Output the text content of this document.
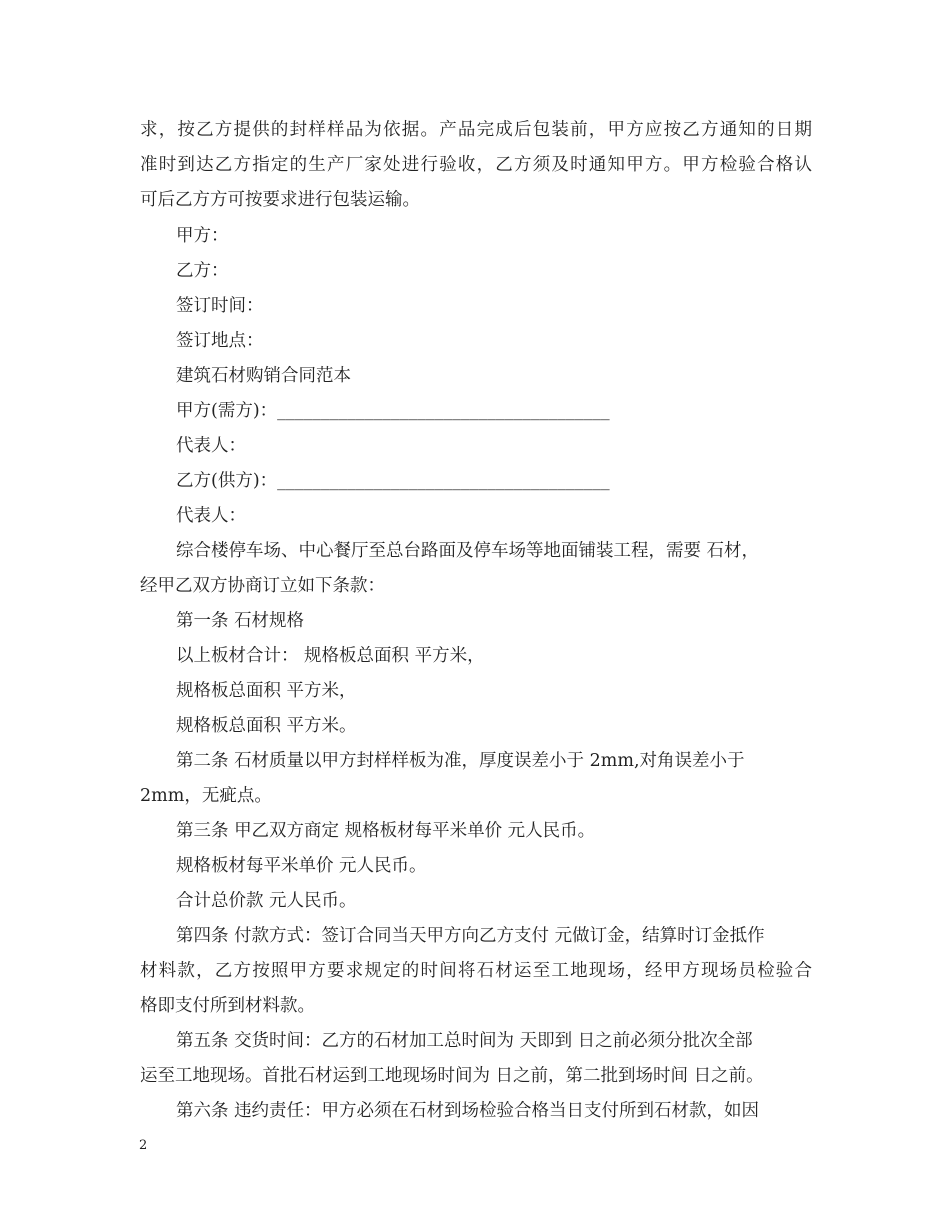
求，按乙方提供的封样样品为依据。产品完成后包装前，甲方应按乙方通知的日期
准时到达乙方指定的生产厂家处进行验收，乙方须及时通知甲方。甲方检验合格认
可后乙方方可按要求进行包装运输。
甲方：
乙方：
签订时间：
签订地点：
建筑石材购销合同范本
甲方(需方)：______________________________________
代表人：
乙方(供方)：______________________________________
代表人：
综合楼停车场、中心餐厅至总台路面及停车场等地面铺装工程，需要 石材，
经甲乙双方协商订立如下条款：
第一条 石材规格
以上板材合计： 规格板总面积 平方米，
规格板总面积 平方米，
规格板总面积 平方米。
第二条 石材质量以甲方封样样板为准，厚度误差小于 2mm,对角误差小于
2mm，无疵点。
第三条 甲乙双方商定 规格板材每平米单价 元人民币。
规格板材每平米单价 元人民币。
合计总价款 元人民币。
第四条 付款方式：签订合同当天甲方向乙方支付 元做订金，结算时订金抵作
材料款，乙方按照甲方要求规定的时间将石材运至工地现场，经甲方现场员检验合
格即支付所到材料款。
第五条 交货时间：乙方的石材加工总时间为 天即到 日之前必须分批次全部
运至工地现场。首批石材运到工地现场时间为 日之前，第二批到场时间 日之前。
第六条 违约责任：甲方必须在石材到场检验合格当日支付所到石材款，如因
2
